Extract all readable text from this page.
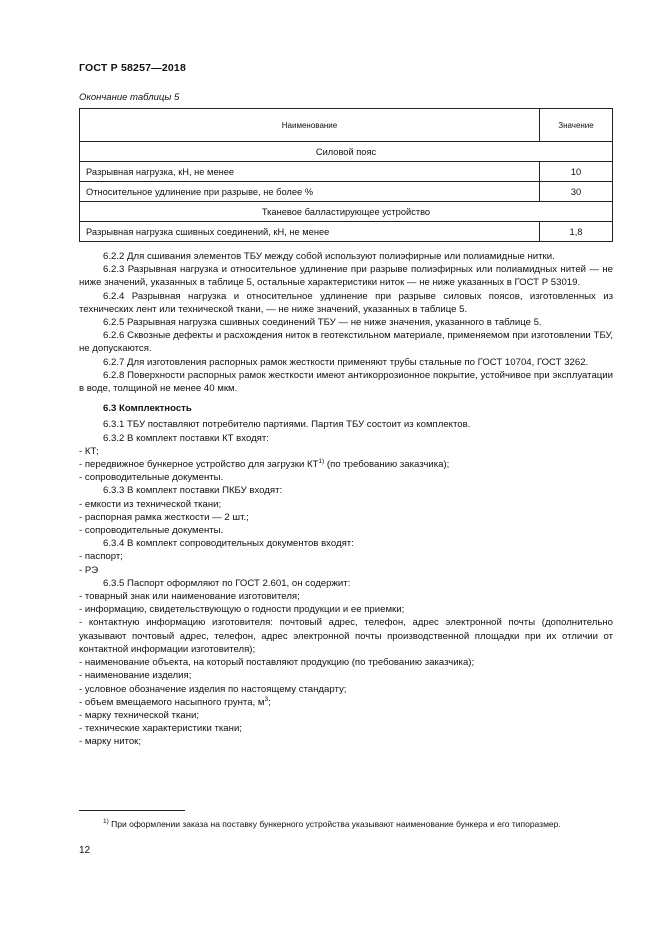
ГОСТ Р 58257—2018
Окончание таблицы 5
Наименование	Значение
Силовой пояс	
Разрывная нагрузка, кН, не менее	10
Относительное удлинение при разрыве, не более %	30
Тканевое балластирующее устройство	
Разрывная нагрузка сшивных соединений, кН, не менее	1,8

6.2.2 Для сшивания элементов ТБУ между собой используют полиэфирные или полиамидные нитки.

6.2.3 Разрывная нагрузка и относительное удлинение при разрыве полиэфирных или полиамидных нитей — не ниже значений, указанных в таблице 5, остальные характеристики ниток — не ниже указанных в ГОСТ Р 53019.

6.2.4 Разрывная нагрузка и относительное удлинение при разрыве силовых поясов, изготовленных из технических лент или технической ткани, — не ниже значений, указанных в таблице 5.

6.2.5 Разрывная нагрузка сшивных соединений ТБУ — не ниже значения, указанного в таблице 5.

6.2.6 Сквозные дефекты и расхождения ниток в геотекстильном материале, применяемом при изготовлении ТБУ, не допускаются.

6.2.7 Для изготовления распорных рамок жесткости применяют трубы стальные по ГОСТ 10704, ГОСТ 3262.

6.2.8 Поверхности распорных рамок жесткости имеют антикоррозионное покрытие, устойчивое при эксплуатации в воде, толщиной не менее 40 мкм.

6.3 Комплектность

6.3.1 ТБУ поставляют потребителю партиями. Партия ТБУ состоит из комплектов.

6.3.2 В комплект поставки КТ входят:

- КТ;

- передвижное бункерное устройство для загрузки КТ$^{1)}$ (по требованию заказчика);

- сопроводительные документы.

6.3.3 В комплект поставки ПКБУ входят:

- емкости из технической ткани;

- распорная рамка жесткости — 2 шт.;

- сопроводительные документы.

6.3.4 В комплект сопроводительных документов входят:

- паспорт;

- РЭ

6.3.5 Паспорт оформляют по ГОСТ 2.601, он содержит:

- товарный знак или наименование изготовителя;

- информацию, свидетельствующую о годности продукции и ее приемки;

- контактную информацию изготовителя: почтовый адрес, телефон, адрес электронной почты (дополнительно указывают почтовый адрес, телефон, адрес электронной почты производственной площадки при их отличии от контактной информации изготовителя);

- наименование объекта, на который поставляют продукцию (по требованию заказчика);

- наименование изделия;

- условное обозначение изделия по настоящему стандарту;

- объем вмещаемого насыпного грунта, $м^3$;

- марку технической ткани;

- технические характеристики ткани;

- марку ниток;

$^{1)}$ При оформлении заказа на поставку бункерного устройства указывают наименование бункера и его типоразмер.
12
